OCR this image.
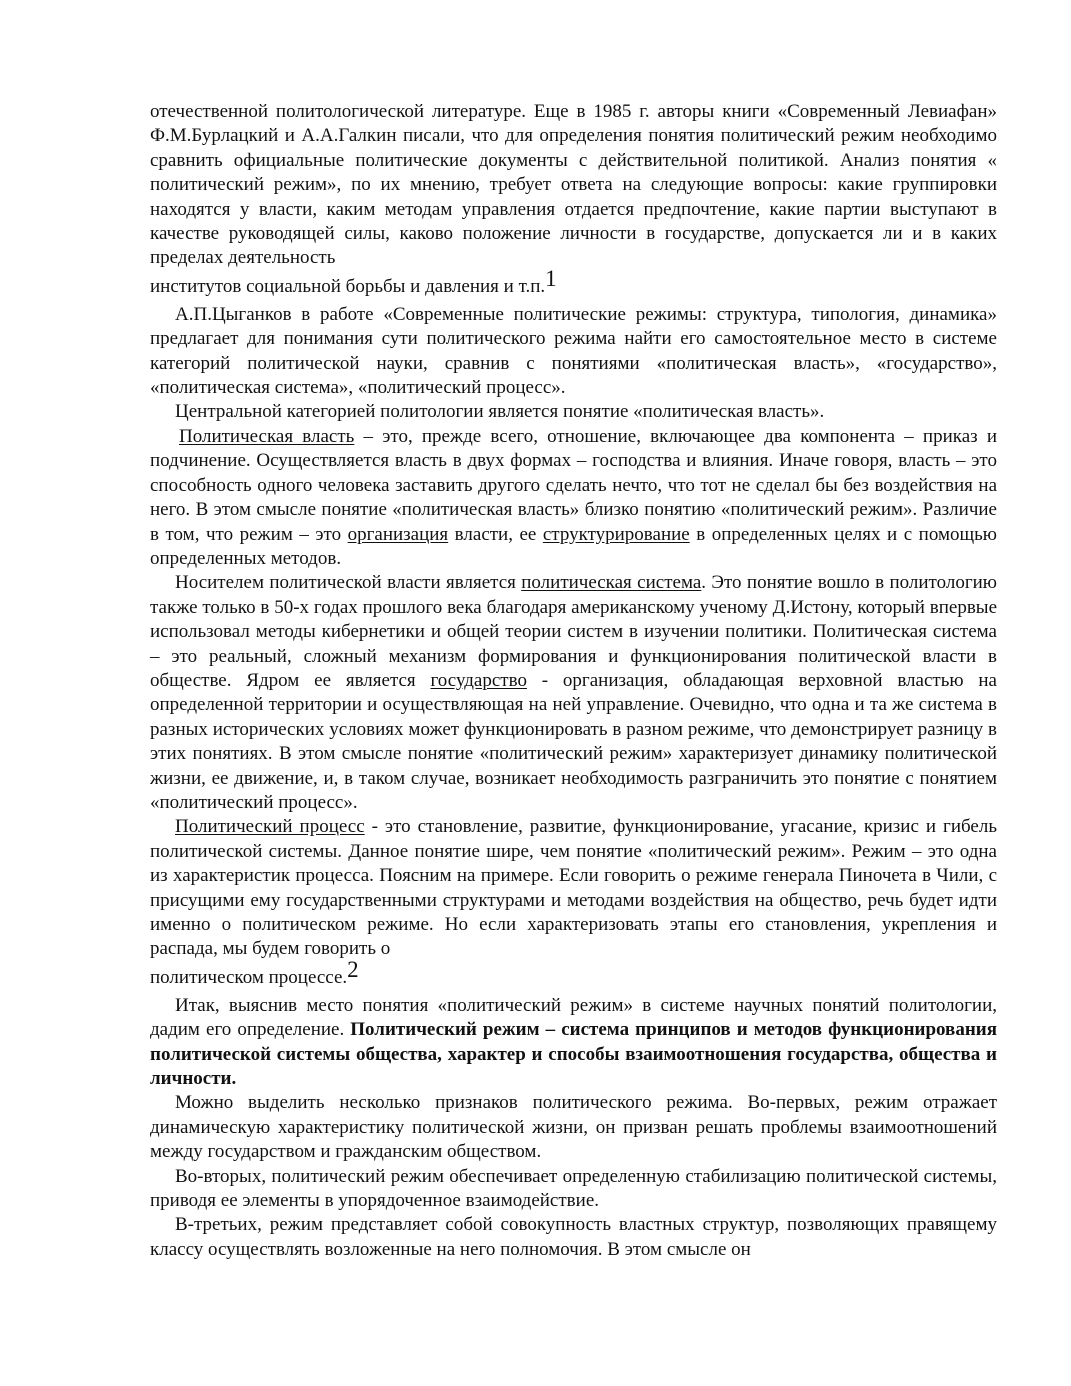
отечественной политологической литературе. Еще в 1985 г. авторы книги «Современный Левиафан» Ф.М.Бурлацкий и А.А.Галкин писали, что для определения понятия политический режим необходимо сравнить официальные политические документы с действительной политикой. Анализ понятия « политический режим», по их мнению, требует ответа на следующие вопросы: какие группировки находятся у власти, каким методам управления отдается предпочтение, какие партии выступают в качестве руководящей силы, каково положение личности в государстве, допускается ли и в каких пределах деятельность

институтов социальной борьбы и давления и т.п.1

А.П.Цыганков в работе «Современные политические режимы: структура, типология, динамика» предлагает для понимания сути политического режима найти его самостоятельное место в системе категорий политической науки, сравнив с понятиями «политическая власть», «государство», «политическая система», «политический процесс».

Центральной категорией политологии является понятие «политическая власть».

Политическая власть – это, прежде всего, отношение, включающее два компонента – приказ и подчинение. Осуществляется власть в двух формах – господства и влияния. Иначе говоря, власть – это способность одного человека заставить другого сделать нечто, что тот не сделал бы без воздействия на него. В этом смысле понятие «политическая власть» близко понятию «политический режим». Различие в том, что режим – это организация власти, ее структурирование в определенных целях и с помощью определенных методов.

Носителем политической власти является политическая система. Это понятие вошло в политологию также только в 50-х годах прошлого века благодаря американскому ученому Д.Истону, который впервые использовал методы кибернетики и общей теории систем в изучении политики. Политическая система – это реальный, сложный механизм формирования и функционирования политической власти в обществе. Ядром ее является государство - организация, обладающая верховной властью на определенной территории и осуществляющая на ней управление. Очевидно, что одна и та же система в разных исторических условиях может функционировать в разном режиме, что демонстрирует разницу в этих понятиях. В этом смысле понятие «политический режим» характеризует динамику политической жизни, ее движение, и, в таком случае, возникает необходимость разграничить это понятие с понятием «политический процесс».

Политический процесс - это становление, развитие, функционирование, угасание, кризис и гибель политической системы. Данное понятие шире, чем понятие «политический режим». Режим – это одна из характеристик процесса. Поясним на примере. Если говорить о режиме генерала Пиночета в Чили, с присущими ему государственными структурами и методами воздействия на общество, речь будет идти именно о политическом режиме. Но если характеризовать этапы его становления, укрепления и распада, мы будем говорить о

политическом процессе.2

Итак, выяснив место понятия «политический режим» в системе научных понятий политологии, дадим его определение. Политический режим – система принципов и методов функционирования политической системы общества, характер и способы взаимоотношения государства, общества и личности.

Можно выделить несколько признаков политического режима. Во-первых, режим отражает динамическую характеристику политической жизни, он призван решать проблемы взаимоотношений между государством и гражданским обществом.

Во-вторых, политический режим обеспечивает определенную стабилизацию политической системы, приводя ее элементы в упорядоченное взаимодействие.

В-третьих, режим представляет собой совокупность властных структур, позволяющих правящему классу осуществлять возложенные на него полномочия. В этом смысле он
